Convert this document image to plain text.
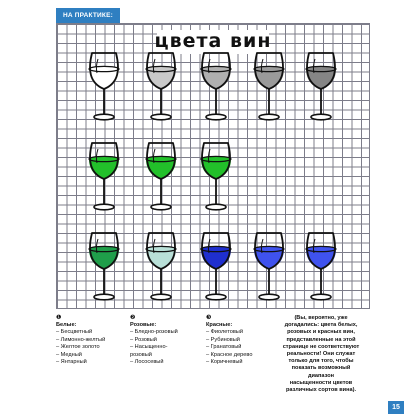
НА ПРАКТИКЕ:
цвета вин
❶
Белые:
– Бесцветный
– Лимонно-желтый
– Желтое золото
– Медный
– Янтарный
❷
Розовые:
– Бледно-розовый
– Розовый
– Насыщенно-
розовый
– Лососевый
❸
Красные:
– Фиолетовый
– Рубиновый
– Гранатовый
– Красное дерево
– Коричневый
(Вы, вероятно, уже
догадались: цвета белых,
розовых и красных вин,
представленные на этой
странице не соответствуют
реальности! Они служат
только для того, чтобы
показать возможный диапазон
насыщенности цветов
различных сортов вина).
15
